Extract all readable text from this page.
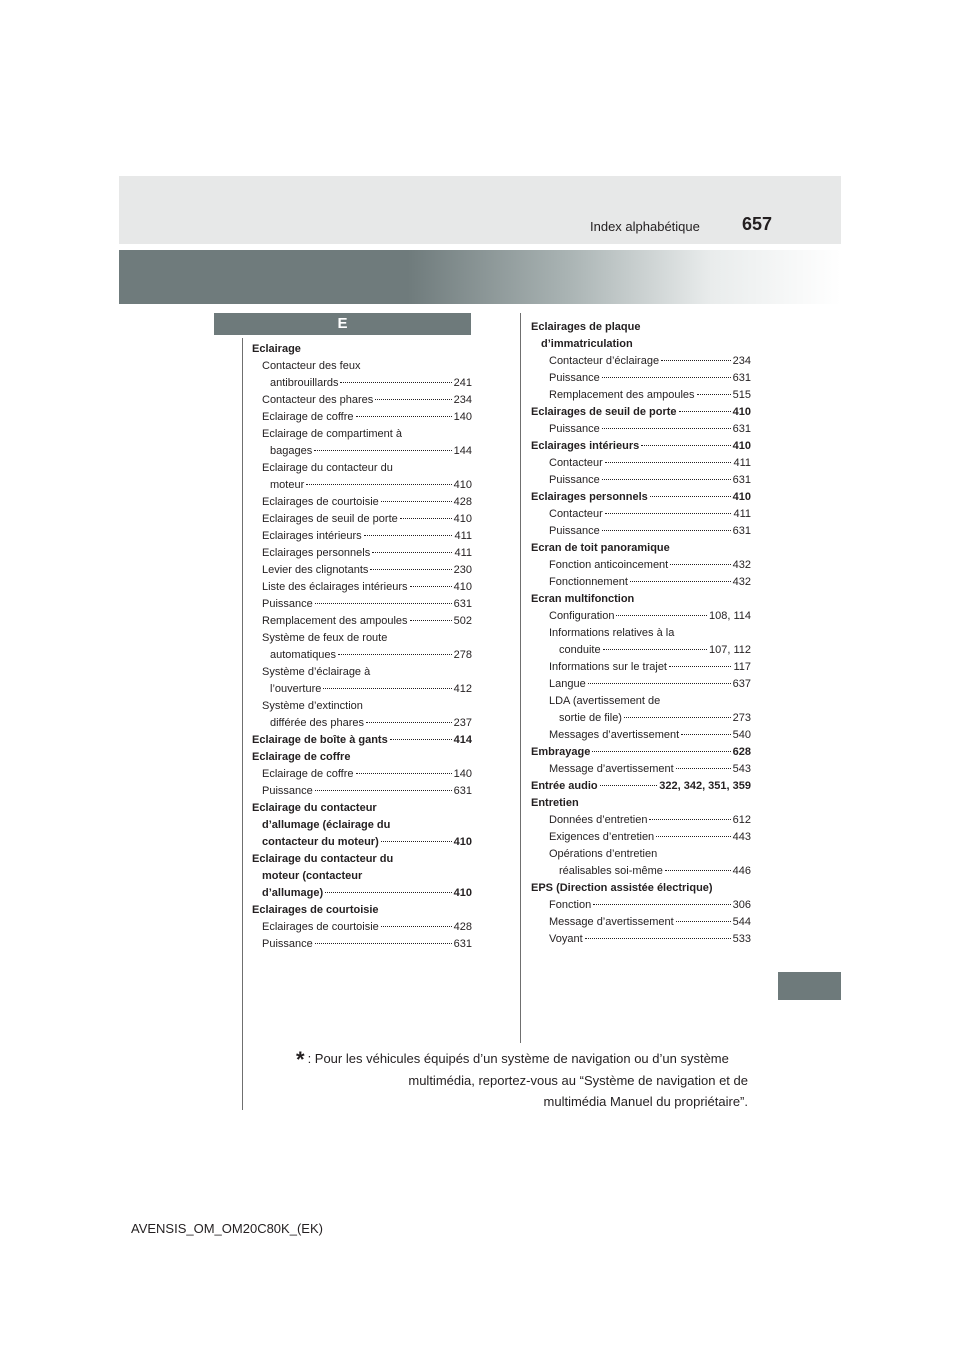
Index alphabétique 657
E
Eclairage
Contacteur des feux
antibrouillards	241
Contacteur des phares	234
Eclairage de coffre	140
Eclairage de compartiment à
bagages	144
Eclairage du contacteur du
moteur	410
Eclairages de courtoisie	428
Eclairages de seuil de porte	410
Eclairages intérieurs	411
Eclairages personnels	411
Levier des clignotants	230
Liste des éclairages intérieurs	410
Puissance	631
Remplacement des ampoules	502
Système de feux de route
automatiques	278
Système d’éclairage à
l’ouverture	412
Système d’extinction
différée des phares	237
Eclairage de boîte à gants	414
Eclairage de coffre
Eclairage de coffre	140
Puissance	631
Eclairage du contacteur
d’allumage (éclairage du
contacteur du moteur)	410
Eclairage du contacteur du
moteur (contacteur
d’allumage)	410
Eclairages de courtoisie
Eclairages de courtoisie	428
Puissance	631
Eclairages de plaque
d’immatriculation
Contacteur d’éclairage	234
Puissance	631
Remplacement des ampoules	515
Eclairages de seuil de porte	410
Puissance	631
Eclairages intérieurs	410
Contacteur	411
Puissance	631
Eclairages personnels	410
Contacteur	411
Puissance	631
Ecran de toit panoramique
Fonction anticoincement	432
Fonctionnement	432
Ecran multifonction
Configuration	108, 114
Informations relatives à la
conduite	107, 112
Informations sur le trajet	117
Langue	637
LDA (avertissement de
sortie de file)	273
Messages d’avertissement	540
Embrayage	628
Message d’avertissement	543
Entrée audio	322, 342, 351, 359
Entretien
Données d’entretien	612
Exigences d’entretien	443
Opérations d’entretien
réalisables soi-même	446
EPS (Direction assistée électrique)
Fonction	306
Message d’avertissement	544
Voyant	533
* : Pour les véhicules équipés d’un système de navigation ou d’un système
multimédia, reportez-vous au “Système de navigation et de
multimédia Manuel du propriétaire”.
AVENSIS_OM_OM20C80K_(EK)
